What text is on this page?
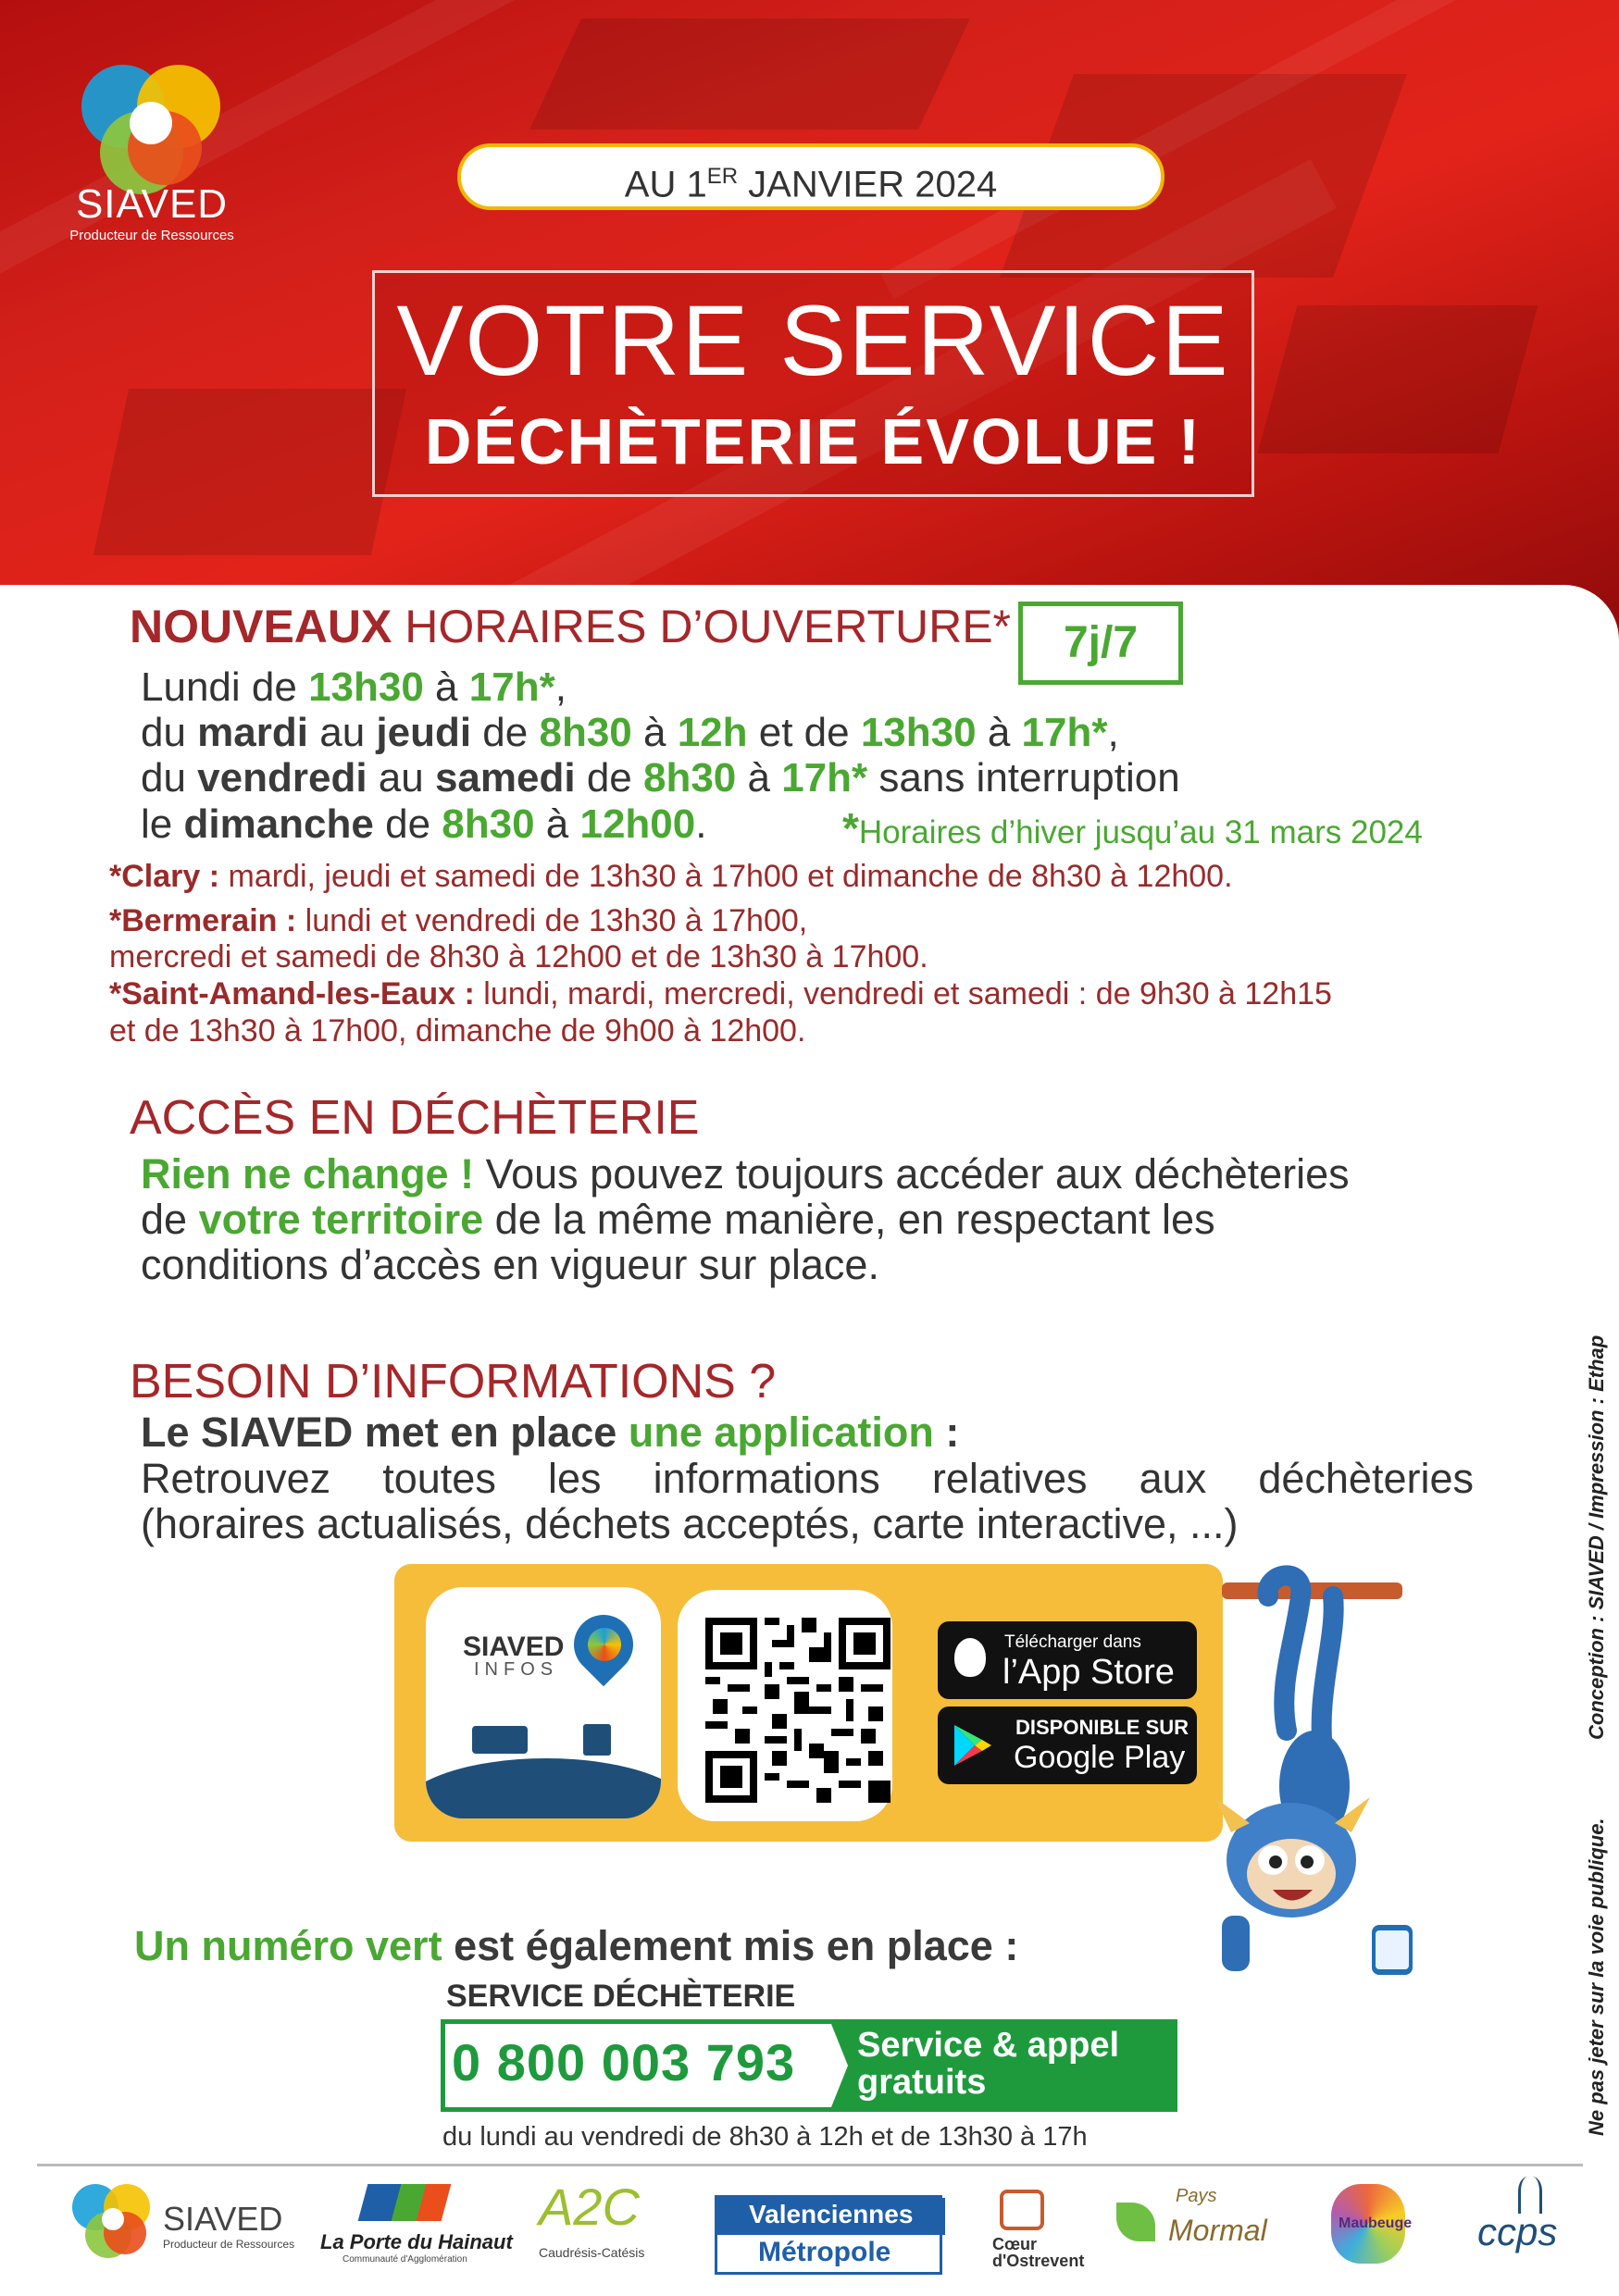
SIAVED
Producteur de Ressources
AU 1ER JANVIER 2024
VOTRE SERVICE
DÉCHÈTERIE ÉVOLUE !
NOUVEAUX HORAIRES D’OUVERTURE*	7j/7
Lundi de 13h30 à 17h*,
du mardi au jeudi de 8h30 à 12h et de 13h30 à 17h*,
du vendredi au samedi de 8h30 à 17h* sans interruption
le dimanche de 8h30 à 12h00.	*Horaires d’hiver jusqu’au 31 mars 2024
*Clary : mardi, jeudi et samedi de 13h30 à 17h00 et dimanche de 8h30 à 12h00.
*Bermerain : lundi et vendredi de 13h30 à 17h00,
mercredi et samedi de 8h30 à 12h00 et de 13h30 à 17h00.
*Saint-Amand-les-Eaux : lundi, mardi, mercredi, vendredi et samedi : de 9h30 à 12h15
et de 13h30 à 17h00, dimanche de 9h00 à 12h00.
ACCÈS EN DÉCHÈTERIE
Rien ne change ! Vous pouvez toujours accéder aux déchèteries
de votre territoire de la même manière, en respectant les
conditions d’accès en vigueur sur place.
BESOIN D’INFORMATIONS ?
Le SIAVED met en place une application :
Retrouvez toutes les informations relatives aux déchèteries
(horaires actualisés, déchets acceptés, carte interactive, ...)
SIAVED
INFOS
Télécharger dans
l’App Store
DISPONIBLE SUR
Google Play
Un numéro vert est également mis en place :
SERVICE DÉCHÈTERIE
0 800 003 793 Service & appel
gratuits
du lundi au vendredi de 8h30 à 12h et de 13h30 à 17h
Conception : SIAVED / Impression : Ethap
Ne pas jeter sur la voie publique.
SIAVED
Producteur de Ressources La Porte du Hainaut
Communauté d'Agglomération
A2C
Caudrésis-Catésis
Valenciennes
Métropole	Cœur
d'Ostrevent
Pays
Mormal	Maubeuge ccps
